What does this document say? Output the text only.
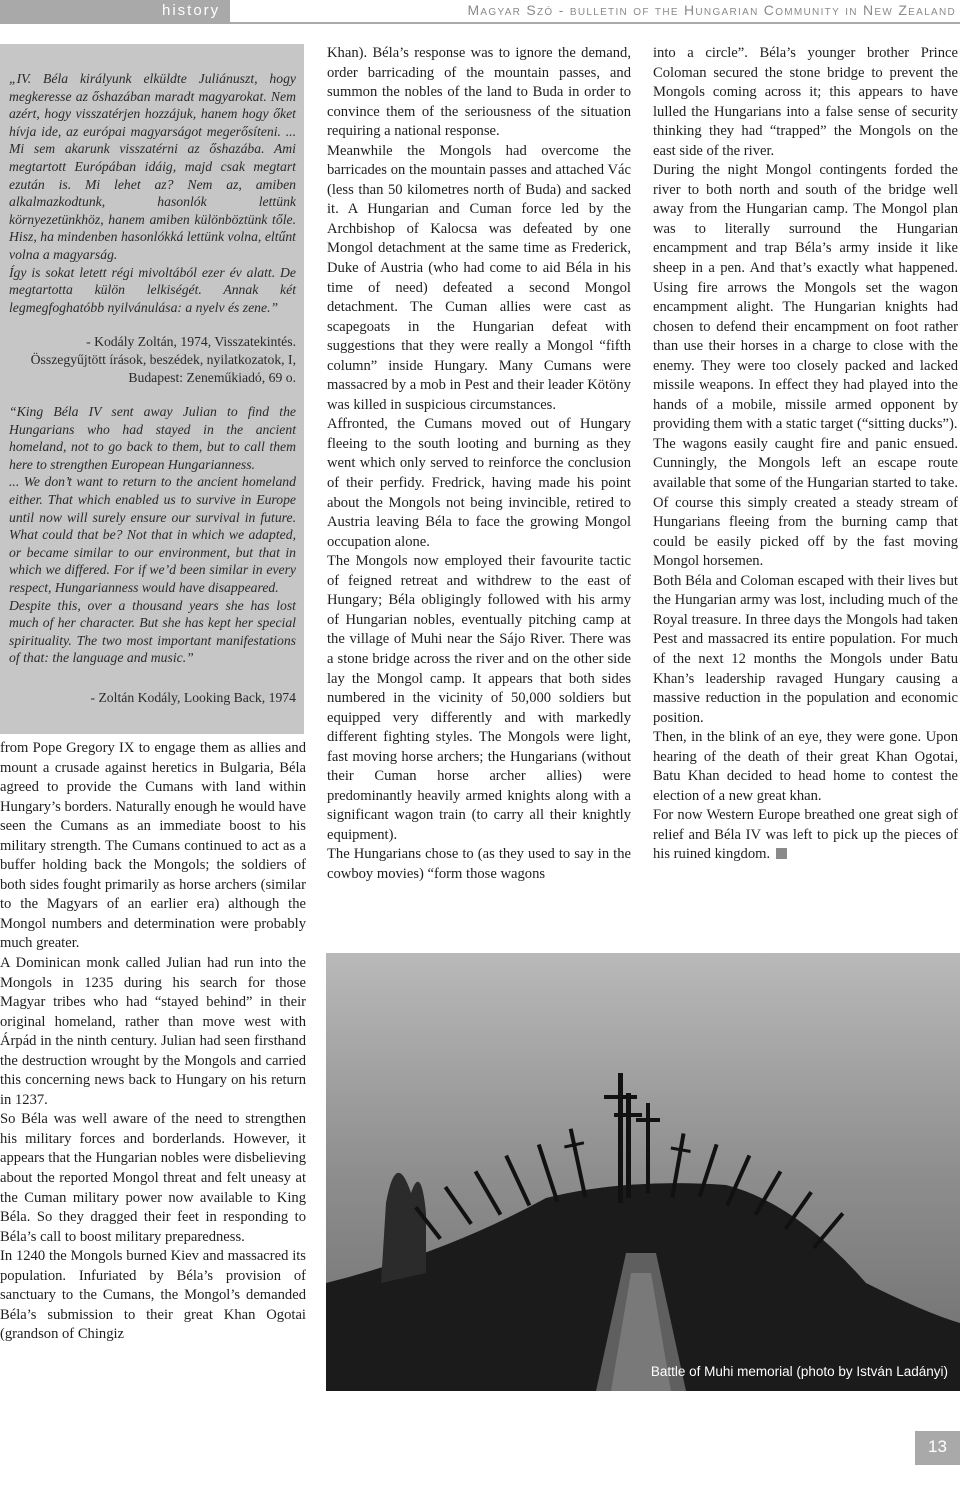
history	Magyar Szó - bulletin of the Hungarian Community in New Zealand

„IV. Béla királyunk elküldte Juliánuszt, hogy megkeresse az őshazában maradt magyarokat. Nem azért, hogy visszatérjen hozzájuk, hanem hogy őket hívja ide, az európai magyarságot megerősíteni. ... Mi sem akarunk visszatérni az őshazába. Ami megtartott Európában idáig, majd csak megtart ezután is. Mi lehet az? Nem az, amiben alkalmazkodtunk, hasonlók lettünk környezetünkhöz, hanem amiben különböztünk tőle. Hisz, ha mindenben hasonlókká lettünk volna, eltűnt volna a magyarság.

Így is sokat letett régi mivoltából ezer év alatt. De megtartotta külön lelkiségét. Annak két legmegfoghatóbb nyilvánulása: a nyelv és zene.”

- Kodály Zoltán, 1974, Visszatekintés.

Összegyűjtött írások, beszédek, nyilatkozatok, I,

Budapest: Zeneműkiadó, 69 o.

“King Béla IV sent away Julian to find the Hungarians who had stayed in the ancient homeland, not to go back to them, but to call them here to strengthen European Hungarianness.

... We don’t want to return to the ancient homeland either. That which enabled us to survive in Europe until now will surely ensure our survival in future. What could that be? Not that in which we adapted, or became similar to our environment, but that in which we differed. For if we’d been similar in every respect, Hungarianness would have disappeared.

Despite this, over a thousand years she has lost much of her character. But she has kept her special spirituality. The two most important manifestations of that: the language and music.”

- Zoltán Kodály, Looking Back, 1974

from Pope Gregory IX to engage them as allies and mount a crusade against heretics in Bulgaria, Béla agreed to provide the Cumans with land within Hungary’s borders. Naturally enough he would have seen the Cumans as an immediate boost to his military strength. The Cumans continued to act as a buffer holding back the Mongols; the soldiers of both sides fought primarily as horse archers (similar to the Magyars of an earlier era) although the Mongol numbers and determination were probably much greater.

A Dominican monk called Julian had run into the Mongols in 1235 during his search for those Magyar tribes who had “stayed behind” in their original homeland, rather than move west with Árpád in the ninth century. Julian had seen firsthand the destruction wrought by the Mongols and carried this concerning news back to Hungary on his return in 1237.

So Béla was well aware of the need to strengthen his military forces and borderlands. However, it appears that the Hungarian nobles were disbelieving about the reported Mongol threat and felt uneasy at the Cuman military power now available to King Béla. So they dragged their feet in responding to Béla’s call to boost military preparedness.

In 1240 the Mongols burned Kiev and massacred its population. Infuriated by Béla’s provision of sanctuary to the Cumans, the Mongol’s demanded Béla’s submission to their great Khan Ogotai (grandson of Chingiz

Khan). Béla’s response was to ignore the demand, order barricading of the mountain passes, and summon the nobles of the land to Buda in order to convince them of the seriousness of the situation requiring a national response.

Meanwhile the Mongols had overcome the barricades on the mountain passes and attached Vác (less than 50 kilometres north of Buda) and sacked it. A Hungarian and Cuman force led by the Archbishop of Kalocsa was defeated by one Mongol detachment at the same time as Frederick, Duke of Austria (who had come to aid Béla in his time of need) defeated a second Mongol detachment. The Cuman allies were cast as scapegoats in the Hungarian defeat with suggestions that they were really a Mongol “fifth column” inside Hungary. Many Cumans were massacred by a mob in Pest and their leader Kötöny was killed in suspicious circumstances.

Affronted, the Cumans moved out of Hungary fleeing to the south looting and burning as they went which only served to reinforce the conclusion of their perfidy. Fredrick, having made his point about the Mongols not being invincible, retired to Austria leaving Béla to face the growing Mongol occupation alone.

The Mongols now employed their favourite tactic of feigned retreat and withdrew to the east of Hungary; Béla obligingly followed with his army of Hungarian nobles, eventually pitching camp at the village of Muhi near the Sájo River. There was a stone bridge across the river and on the other side lay the Mongol camp. It appears that both sides numbered in the vicinity of 50,000 soldiers but equipped very differently and with markedly different fighting styles. The Mongols were light, fast moving horse archers; the Hungarians (without their Cuman horse archer allies) were predominantly heavily armed knights along with a significant wagon train (to carry all their knightly equipment).

The Hungarians chose to (as they used to say in the cowboy movies) “form those wagons

into a circle”. Béla’s younger brother Prince Coloman secured the stone bridge to prevent the Mongols coming across it; this appears to have lulled the Hungarians into a false sense of security thinking they had “trapped” the Mongols on the east side of the river.

During the night Mongol contingents forded the river to both north and south of the bridge well away from the Hungarian camp. The Mongol plan was to literally surround the Hungarian encampment and trap Béla’s army inside it like sheep in a pen. And that’s exactly what happened. Using fire arrows the Mongols set the wagon encampment alight. The Hungarian knights had chosen to defend their encampment on foot rather than use their horses in a charge to close with the enemy. They were too closely packed and lacked missile weapons. In effect they had played into the hands of a mobile, missile armed opponent by providing them with a static target (“sitting ducks”).

The wagons easily caught fire and panic ensued. Cunningly, the Mongols left an escape route available that some of the Hungarian started to take. Of course this simply created a steady stream of Hungarians fleeing from the burning camp that could be easily picked off by the fast moving Mongol horsemen.

Both Béla and Coloman escaped with their lives but the Hungarian army was lost, including much of the Royal treasure. In three days the Mongols had taken Pest and massacred its entire population. For much of the next 12 months the Mongols under Batu Khan’s leadership ravaged Hungary causing a massive reduction in the population and economic position.

Then, in the blink of an eye, they were gone. Upon hearing of the death of their great Khan Ogotai, Batu Khan decided to head home to contest the election of a new great khan.

For now Western Europe breathed one great sigh of relief and Béla IV was left to pick up the pieces of his ruined kingdom.

Battle of Muhi memorial (photo by István Ladányi)
13
